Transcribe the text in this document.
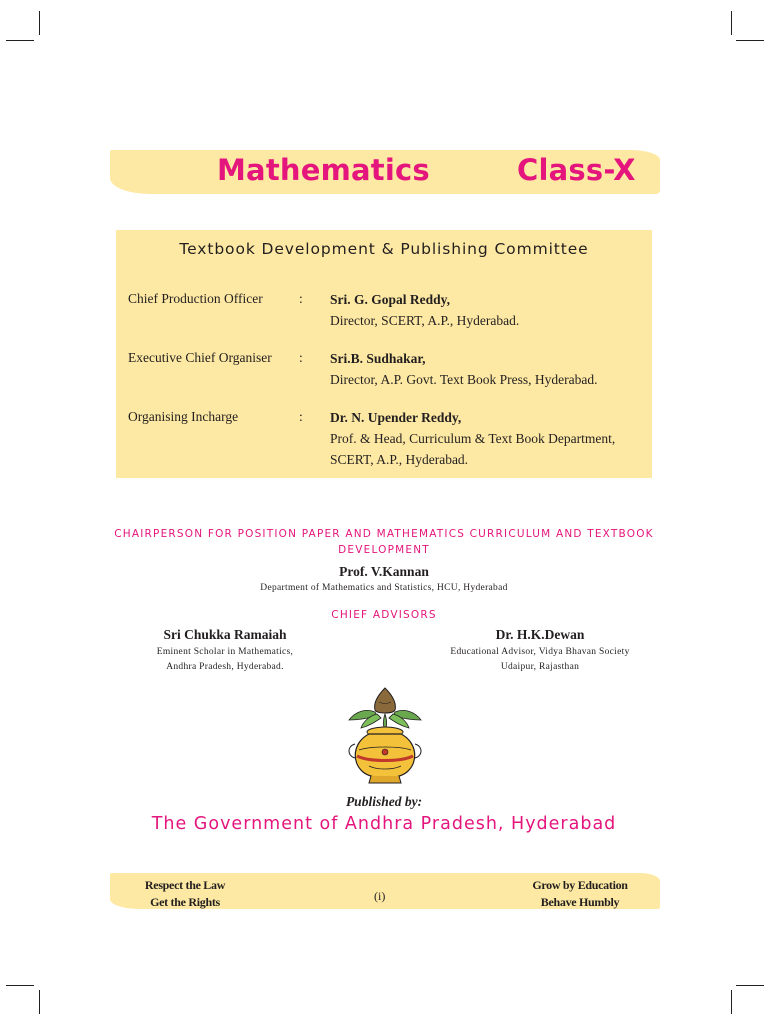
Mathematics	Class-X
Textbook Development & Publishing Committee
Chief Production Officer	: Sri. G. Gopal Reddy,
Director, SCERT, A.P., Hyderabad.
Executive Chief Organiser : Sri.B. Sudhakar,
Director, A.P. Govt. Text Book Press, Hyderabad.
Organising Incharge	: Dr. N. Upender Reddy,
Prof. & Head, Curriculum & Text Book Department,
SCERT, A.P., Hyderabad.
CHAIRPERSON FOR POSITION PAPER AND MATHEMATICS CURRICULUM AND TEXTBOOK
DEVELOPMENT
Prof. V.Kannan
Department of Mathematics and Statistics, HCU, Hyderabad
CHIEF ADVISORS
Sri Chukka Ramaiah
Eminent Scholar in Mathematics,
Andhra Pradesh, Hyderabad.
Dr. H.K.Dewan
Educational Advisor, Vidya Bhavan Society
Udaipur, Rajasthan
Published by:
The Government of Andhra Pradesh, Hyderabad
Respect the Law
Get the Rights	(i)
Grow by Education
Behave Humbly
